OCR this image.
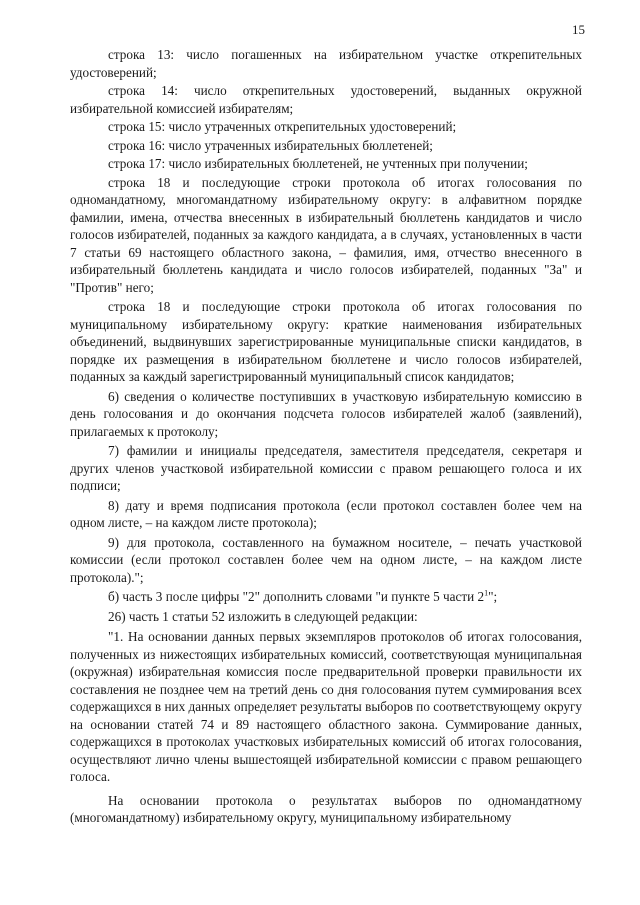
15

строка 13: число погашенных на избирательном участке открепительных удостоверений;

строка 14: число открепительных удостоверений, выданных окружной избирательной комиссией избирателям;

строка 15: число утраченных открепительных удостоверений;

строка 16: число утраченных избирательных бюллетеней;

строка 17: число избирательных бюллетеней, не учтенных при получении;

строка 18 и последующие строки протокола об итогах голосования по одномандатному, многомандатному избирательному округу: в алфавитном порядке фамилии, имена, отчества внесенных в избирательный бюллетень кандидатов и число голосов избирателей, поданных за каждого кандидата, а в случаях, установленных в части 7 статьи 69 настоящего областного закона, – фамилия, имя, отчество внесенного в избирательный бюллетень кандидата и число голосов избирателей, поданных "За" и "Против" него;

строка 18 и последующие строки протокола об итогах голосования по муниципальному избирательному округу: краткие наименования избирательных объединений, выдвинувших зарегистрированные муниципальные списки кандидатов, в порядке их размещения в избирательном бюллетене и число голосов избирателей, поданных за каждый зарегистрированный муниципальный список кандидатов;

6) сведения о количестве поступивших в участковую избирательную комиссию в день голосования и до окончания подсчета голосов избирателей жалоб (заявлений), прилагаемых к протоколу;

7) фамилии и инициалы председателя, заместителя председателя, секретаря и других членов участковой избирательной комиссии с правом решающего голоса и их подписи;

8) дату и время подписания протокола (если протокол составлен более чем на одном листе, – на каждом листе протокола);

9) для протокола, составленного на бумажном носителе, – печать участковой комиссии (если протокол составлен более чем на одном листе, – на каждом листе протокола).";

б) часть 3 после цифры "2" дополнить словами "и пункте 5 части $2^1$";

26) часть 1 статьи 52 изложить в следующей редакции:

"1. На основании данных первых экземпляров протоколов об итогах голосования, полученных из нижестоящих избирательных комиссий, соответствующая муниципальная (окружная) избирательная комиссия после предварительной проверки правильности их составления не позднее чем на третий день со дня голосования путем суммирования всех содержащихся в них данных определяет результаты выборов по соответствующему округу на основании статей 74 и 89 настоящего областного закона. Суммирование данных, содержащихся в протоколах участковых избирательных комиссий об итогах голосования, осуществляют лично члены вышестоящей избирательной комиссии с правом решающего голоса.

На основании протокола о результатах выборов по одномандатному (многомандатному) избирательному округу, муниципальному избирательному
